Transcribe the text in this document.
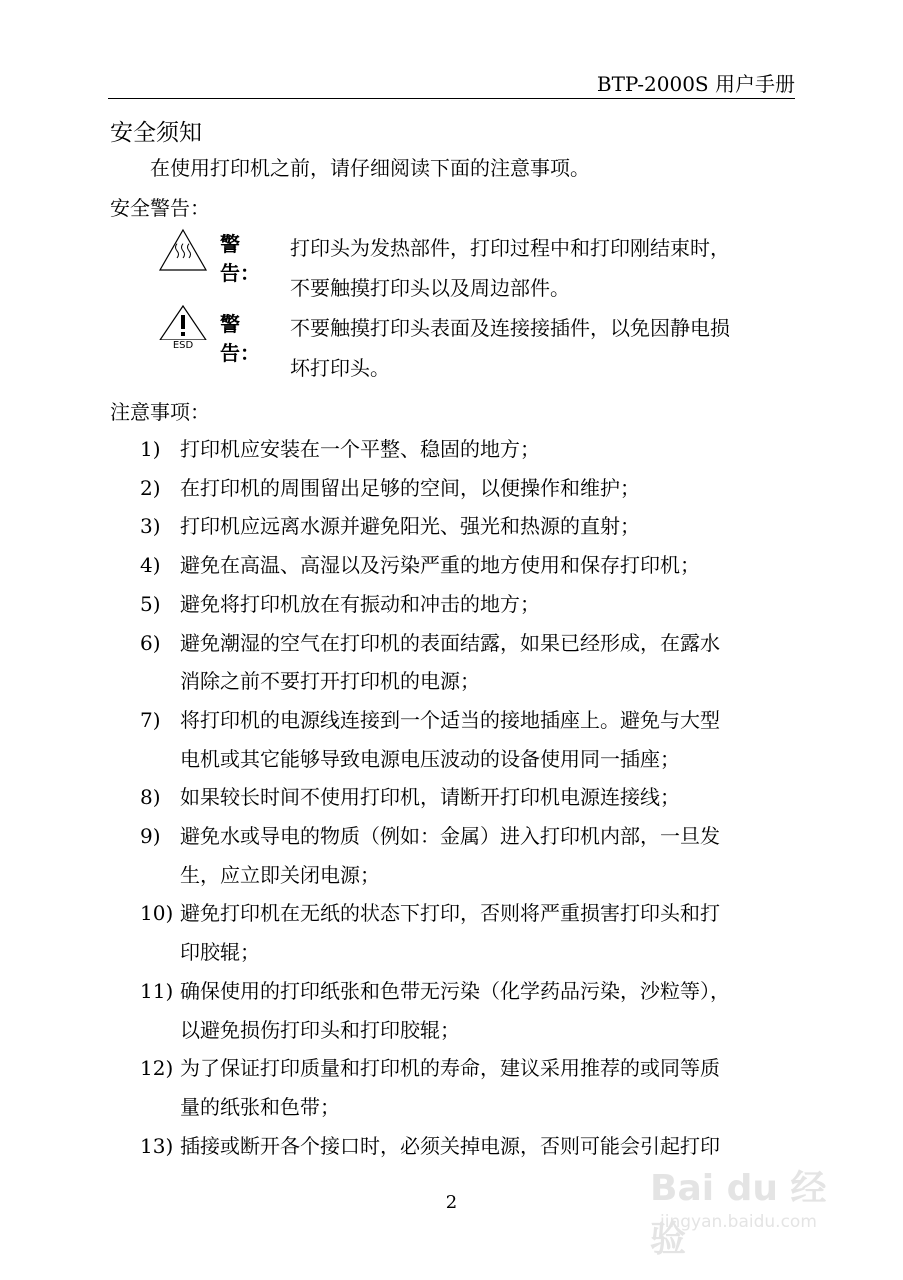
BTP-2000S 用户手册
安全须知
在使用打印机之前，请仔细阅读下面的注意事项。
安全警告：
警告：
打印头为发热部件，打印过程中和打印刚结束时，
不要触摸打印头以及周边部件。
ESD
警告：
不要触摸打印头表面及连接接插件，以免因静电损
坏打印头。
注意事项：
1) 打印机应安装在一个平整、稳固的地方；
2) 在打印机的周围留出足够的空间，以便操作和维护；
3) 打印机应远离水源并避免阳光、强光和热源的直射；
4) 避免在高温、高湿以及污染严重的地方使用和保存打印机；
5) 避免将打印机放在有振动和冲击的地方；
6) 避免潮湿的空气在打印机的表面结露，如果已经形成，在露水
消除之前不要打开打印机的电源；
7) 将打印机的电源线连接到一个适当的接地插座上。避免与大型
电机或其它能够导致电源电压波动的设备使用同一插座；
8) 如果较长时间不使用打印机，请断开打印机电源连接线；
9) 避免水或导电的物质（例如：金属）进入打印机内部，一旦发
生，应立即关闭电源；
10) 避免打印机在无纸的状态下打印，否则将严重损害打印头和打
印胶辊；
11) 确保使用的打印纸张和色带无污染（化学药品污染，沙粒等），
以避免损伤打印头和打印胶辊；
12) 为了保证打印质量和打印机的寿命，建议采用推荐的或同等质
量的纸张和色带；
13) 插接或断开各个接口时，必须关掉电源，否则可能会引起打印
2	Bai du 经验
jingyan.baidu.com
